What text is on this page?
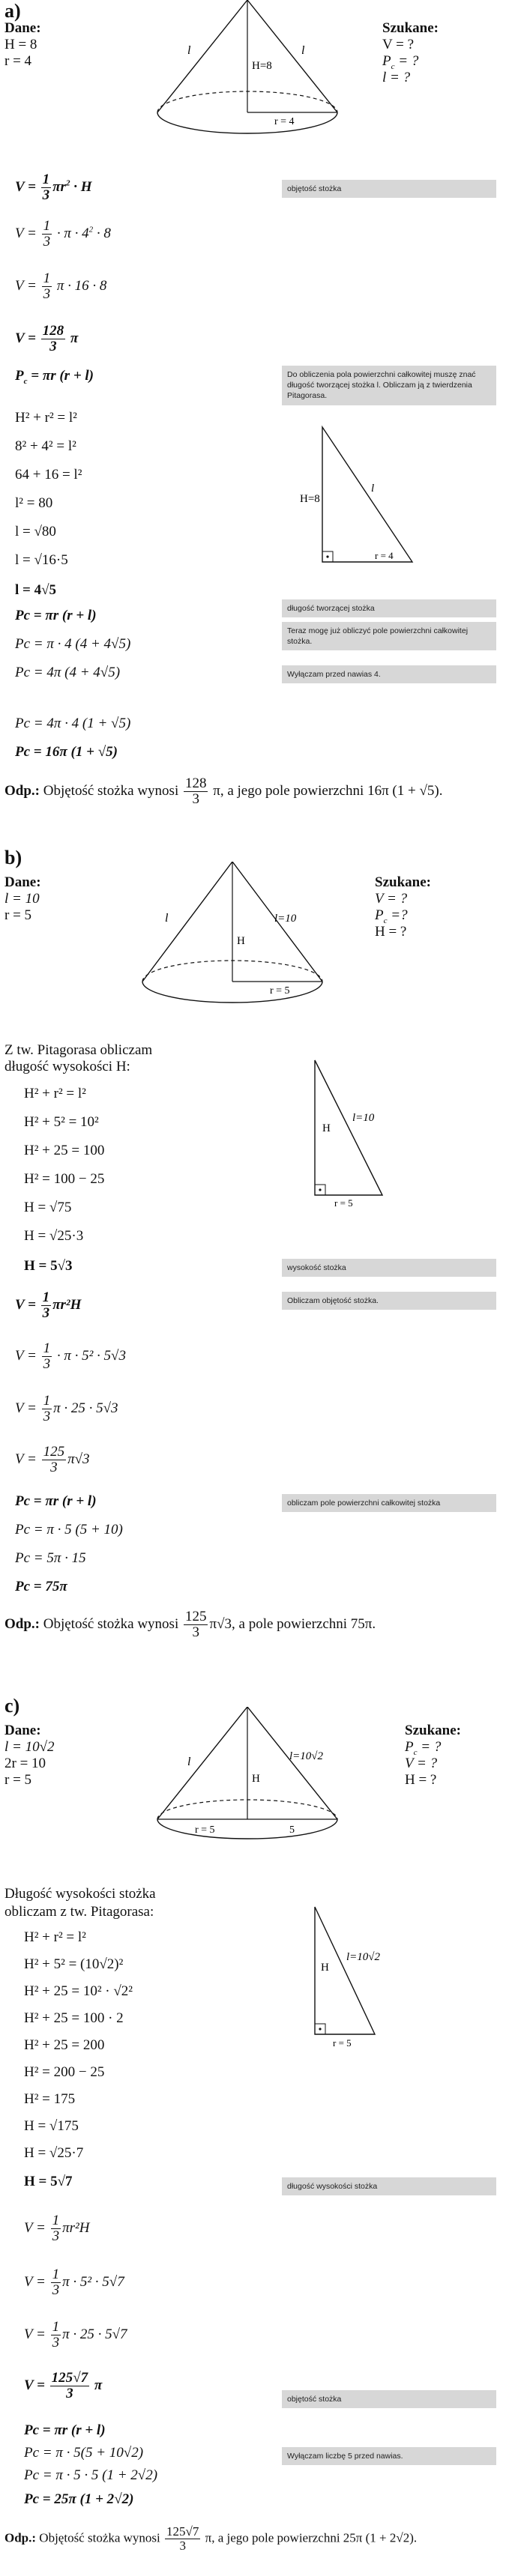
a)
Dane:
H = 8
r = 4
Szukane:
V = ?
$P_c$ = ?
l = ?
l	l
H=8
r = 4
$V = \frac{1}{3} \pi r^2 \cdot H$	objętość stożka
$V = \frac{1}{3} \cdot \pi \cdot 4^2 \cdot 8$
$V = \frac{1}{3}$ π · 16 · 8
$V = \frac{128}{3}$ π
$P_c = \pi r$ (r + l)	Do obliczenia pola powierzchni całkowitej muszę znać długość tworzącej stożka l. Obliczam ją z twierdzenia Pitagorasa.
H² + r² = l²
8² + 4² = l²
64 + 16 = l²
l² = 80
l = √80
l = √16·5
l = 4√5
H=8
l
r = 4
długość tworzącej stożka
Pc = πr (r + l)
Teraz mogę już obliczyć pole powierzchni całkowitej stożka.
Pc = π · 4 (4 + 4√5)
Pc = 4π (4 + 4√5)	Wyłączam przed nawias 4.
Pc = 4π · 4 (1 + √5)
Pc = 16π (1 + √5)
Odp.: Objętość stożka wynosi $\frac{128}{3} \pi$, a jego pole powierzchni 16π (1 + √5).
b)
Dane:
l = 10
r = 5
Szukane:
V = ?
$P_c$ =?
H = ?
l	l=10
H
r = 5
Z tw. Pitagorasa obliczam
długość wysokości H:
H
l=10
r = 5
H² + r² = l²
H² + 5² = 10²
H² + 25 = 100
H² = 100 − 25
H = √75
H = √25·3
H = 5√3	wysokość stożka
$V = \frac{1}{3} \pi r^2H$	Obliczam objętość stożka.
$V = \frac{1}{3} \cdot \pi \cdot 5^2 \cdot 5√3$
$V = \frac{1}{3}$ π · 25 · 5√3
$V = \frac{125}{3} \pi√3$
Pc = πr (r + l)	obliczam pole powierzchni całkowitej stożka
Pc = π · 5 (5 + 10)
Pc = 5π · 15
Pc = 75π
Odp.: Objętość stożka wynosi $\frac{125}{3} \pi√3$, a pole powierzchni 75π.
c)
Dane:
l = 10√2
2r = 10
r = 5
Szukane:
$P_c$ = ?
V = ?
H = ?
l	l=10√2
H
r = 5	5
Długość wysokości stożka
obliczam z tw. Pitagorasa:
H
l=10√2
r = 5
H² + r² = l²
H² + 5² = (10√2)²
H² + 25 = 10² · √2²
H² + 25 = 100 · 2
H² + 25 = 200
H² = 200 − 25
H² = 175
H = √175
H = √25·7
H = 5√7	długość wysokości stożka
$V = \frac{1}{3} \pi r^2H$
$V = \frac{1}{3}$ π · 5² · 5√7
$V = \frac{1}{3}$ π · 25 · 5√7
$V = \frac{125√7}{3}$ π
objętość stożka
Pc = πr (r + l)
Pc = π · 5(5 + 10√2)	Wyłączam liczbę 5 przed nawias.
Pc = π · 5 · 5 (1 + 2√2)
Pc = 25π (1 + 2√2)
Odp.: Objętość stożka wynosi $\frac{125√7}{3} \pi$, a jego pole powierzchni 25π (1 + 2√2).
